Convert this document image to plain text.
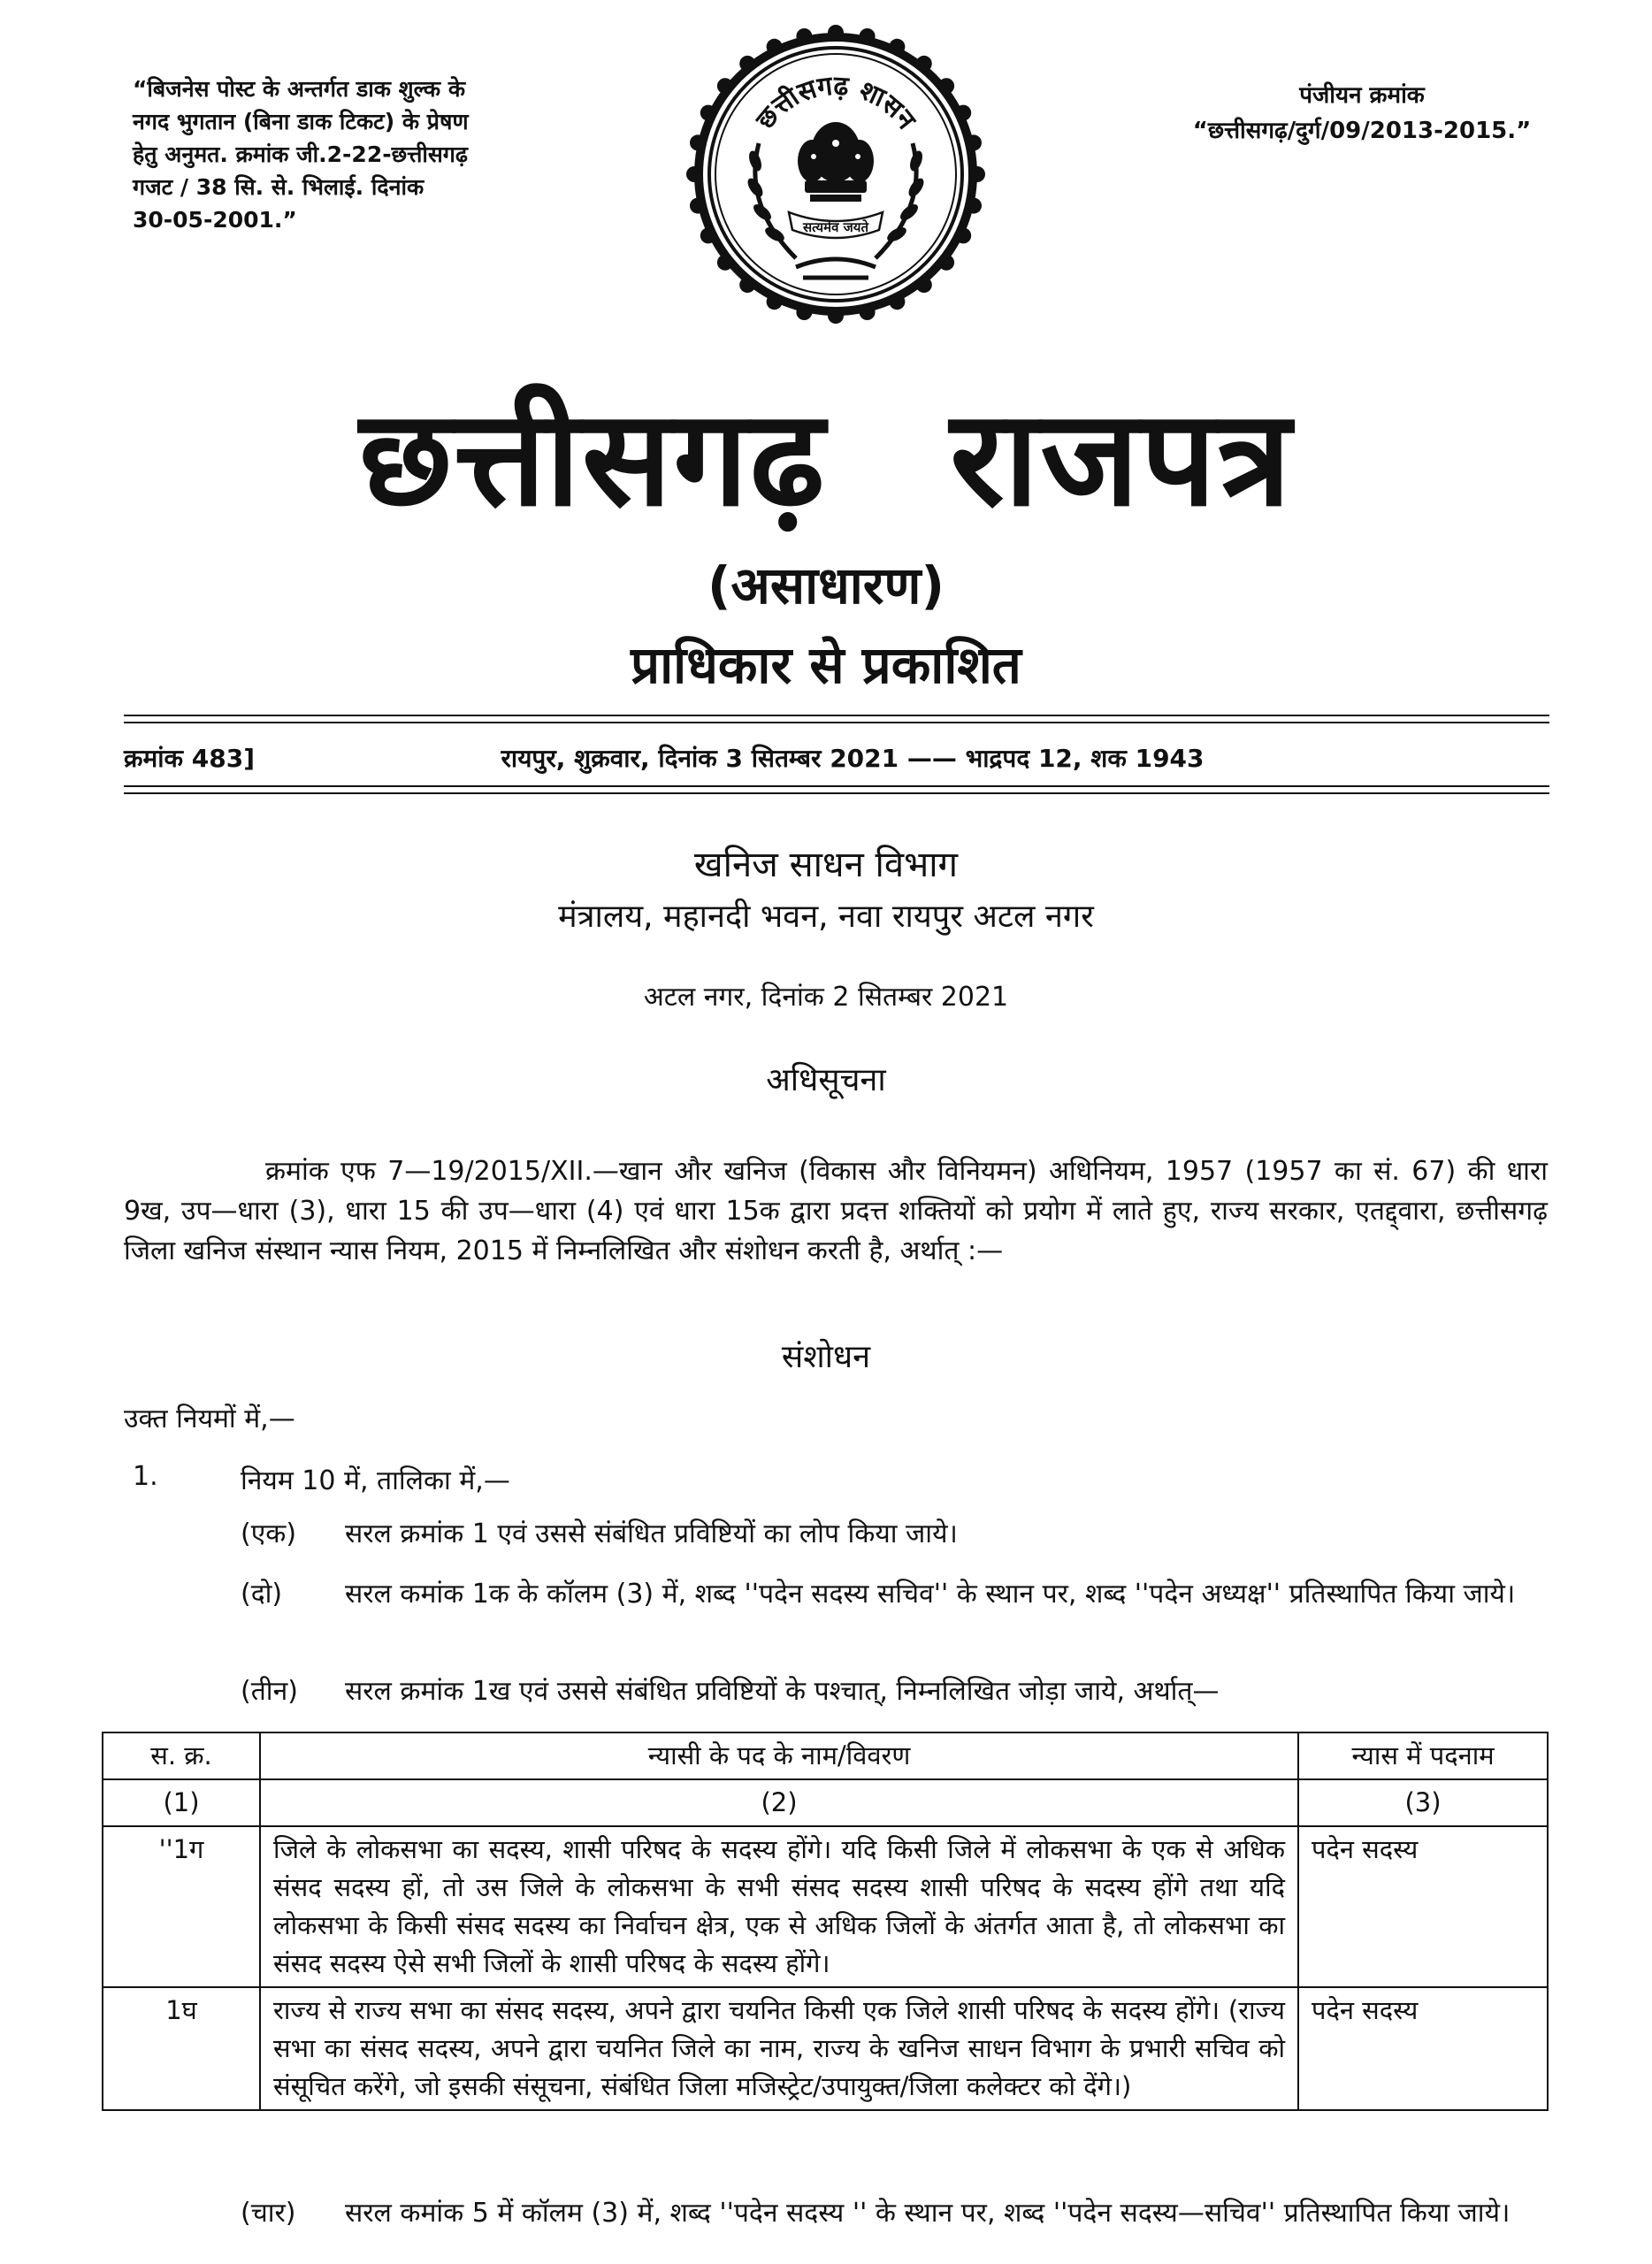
“बिजनेस पोस्ट के अन्तर्गत डाक शुल्क के
नगद भुगतान (बिना डाक टिकट) के प्रेषण
हेतु अनुमत. क्रमांक जी.2-22-छत्तीसगढ़
गजट / 38 सि. से. भिलाई. दिनांक
30-05-2001.”
पंजीयन क्रमांक
“छत्तीसगढ़/दुर्ग/09/2013-2015.”
छत्तीसगढ़ शासन
सत्यमेव जयते
छत्तीसगढ़ राजपत्र
(असाधारण)
प्राधिकार से प्रकाशित
क्रमांक 483]	रायपुर, शुक्रवार, दिनांक 3 सितम्बर 2021 —— भाद्रपद 12, शक 1943
खनिज साधन विभाग
मंत्रालय, महानदी भवन, नवा रायपुर अटल नगर
अटल नगर, दिनांक 2 सितम्बर 2021
अधिसूचना
क्रमांक एफ 7—19/2015/XII.—खान और खनिज (विकास और विनियमन) अधिनियम, 1957 (1957 का सं. 67) की धारा 9ख, उप—धारा (3), धारा 15 की उप—धारा (4) एवं धारा 15क द्वारा प्रदत्त शक्तियों को प्रयोग में लाते हुए, राज्य सरकार, एतद्द्वारा, छत्तीसगढ़ जिला खनिज संस्थान न्यास नियम, 2015 में निम्नलिखित और संशोधन करती है, अर्थात् :—
संशोधन
उक्त नियमों में,—
1.	नियम 10 में, तालिका में,—
(एक) सरल क्रमांक 1 एवं उससे संबंधित प्रविष्टियों का लोप किया जाये।
(दो) सरल कमांक 1क के कॉलम (3) में, शब्द ''पदेन सदस्य सचिव'' के स्थान पर, शब्द ''पदेन अध्यक्ष'' प्रतिस्थापित किया जाये।
(तीन) सरल क्रमांक 1ख एवं उससे संबंधित प्रविष्टियों के पश्चात्, निम्नलिखित जोड़ा जाये, अर्थात्—
स. क्र.	न्यासी के पद के नाम/विवरण	न्यास में पदनाम
(1)	(2)	(3)
''1ग	जिले के लोकसभा का सदस्य, शासी परिषद के सदस्य होंगे। यदि किसी जिले में लोकसभा के एक से अधिक संसद सदस्य हों, तो उस जिले के लोकसभा के सभी संसद सदस्य शासी परिषद के सदस्य होंगे तथा यदि लोकसभा के किसी संसद सदस्य का निर्वाचन क्षेत्र, एक से अधिक जिलों के अंतर्गत आता है, तो लोकसभा का संसद सदस्य ऐसे सभी जिलों के शासी परिषद के सदस्य होंगे।	पदेन सदस्य
1घ	राज्य से राज्य सभा का संसद सदस्य, अपने द्वारा चयनित किसी एक जिले शासी परिषद के सदस्य होंगे। (राज्य सभा का संसद सदस्य, अपने द्वारा चयनित जिले का नाम, राज्य के खनिज साधन विभाग के प्रभारी सचिव को संसूचित करेंगे, जो इसकी संसूचना, संबंधित जिला मजिस्ट्रेट/उपायुक्त/जिला कलेक्टर को देंगे।)	पदेन सदस्य
(चार) सरल कमांक 5 में कॉलम (3) में, शब्द ''पदेन सदस्य '' के स्थान पर, शब्द ''पदेन सदस्य—सचिव'' प्रतिस्थापित किया जाये।
